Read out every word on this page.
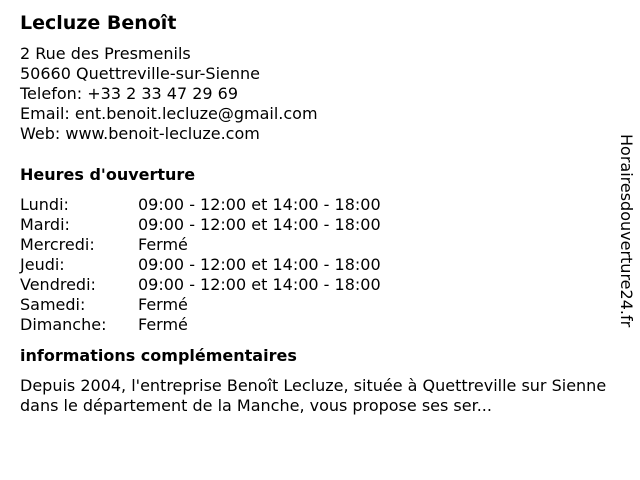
Lecluze Benoît
2 Rue des Presmenils
50660 Quettreville-sur-Sienne
Telefon: +33 2 33 47 29 69
Email: ent.benoit.lecluze@gmail.com
Web: www.benoit-lecluze.com
Heures d'ouverture
Lundi:	09:00 - 12:00 et 14:00 - 18:00
Mardi:	09:00 - 12:00 et 14:00 - 18:00
Mercredi:	Fermé
Jeudi:	09:00 - 12:00 et 14:00 - 18:00
Vendredi:	09:00 - 12:00 et 14:00 - 18:00
Samedi:	Fermé
Dimanche:	Fermé
informations complémentaires
Depuis 2004, l'entreprise Benoît Lecluze, située à Quettreville sur Sienne dans le département de la Manche, vous propose ses ser...
Horairesdouverture24.fr
